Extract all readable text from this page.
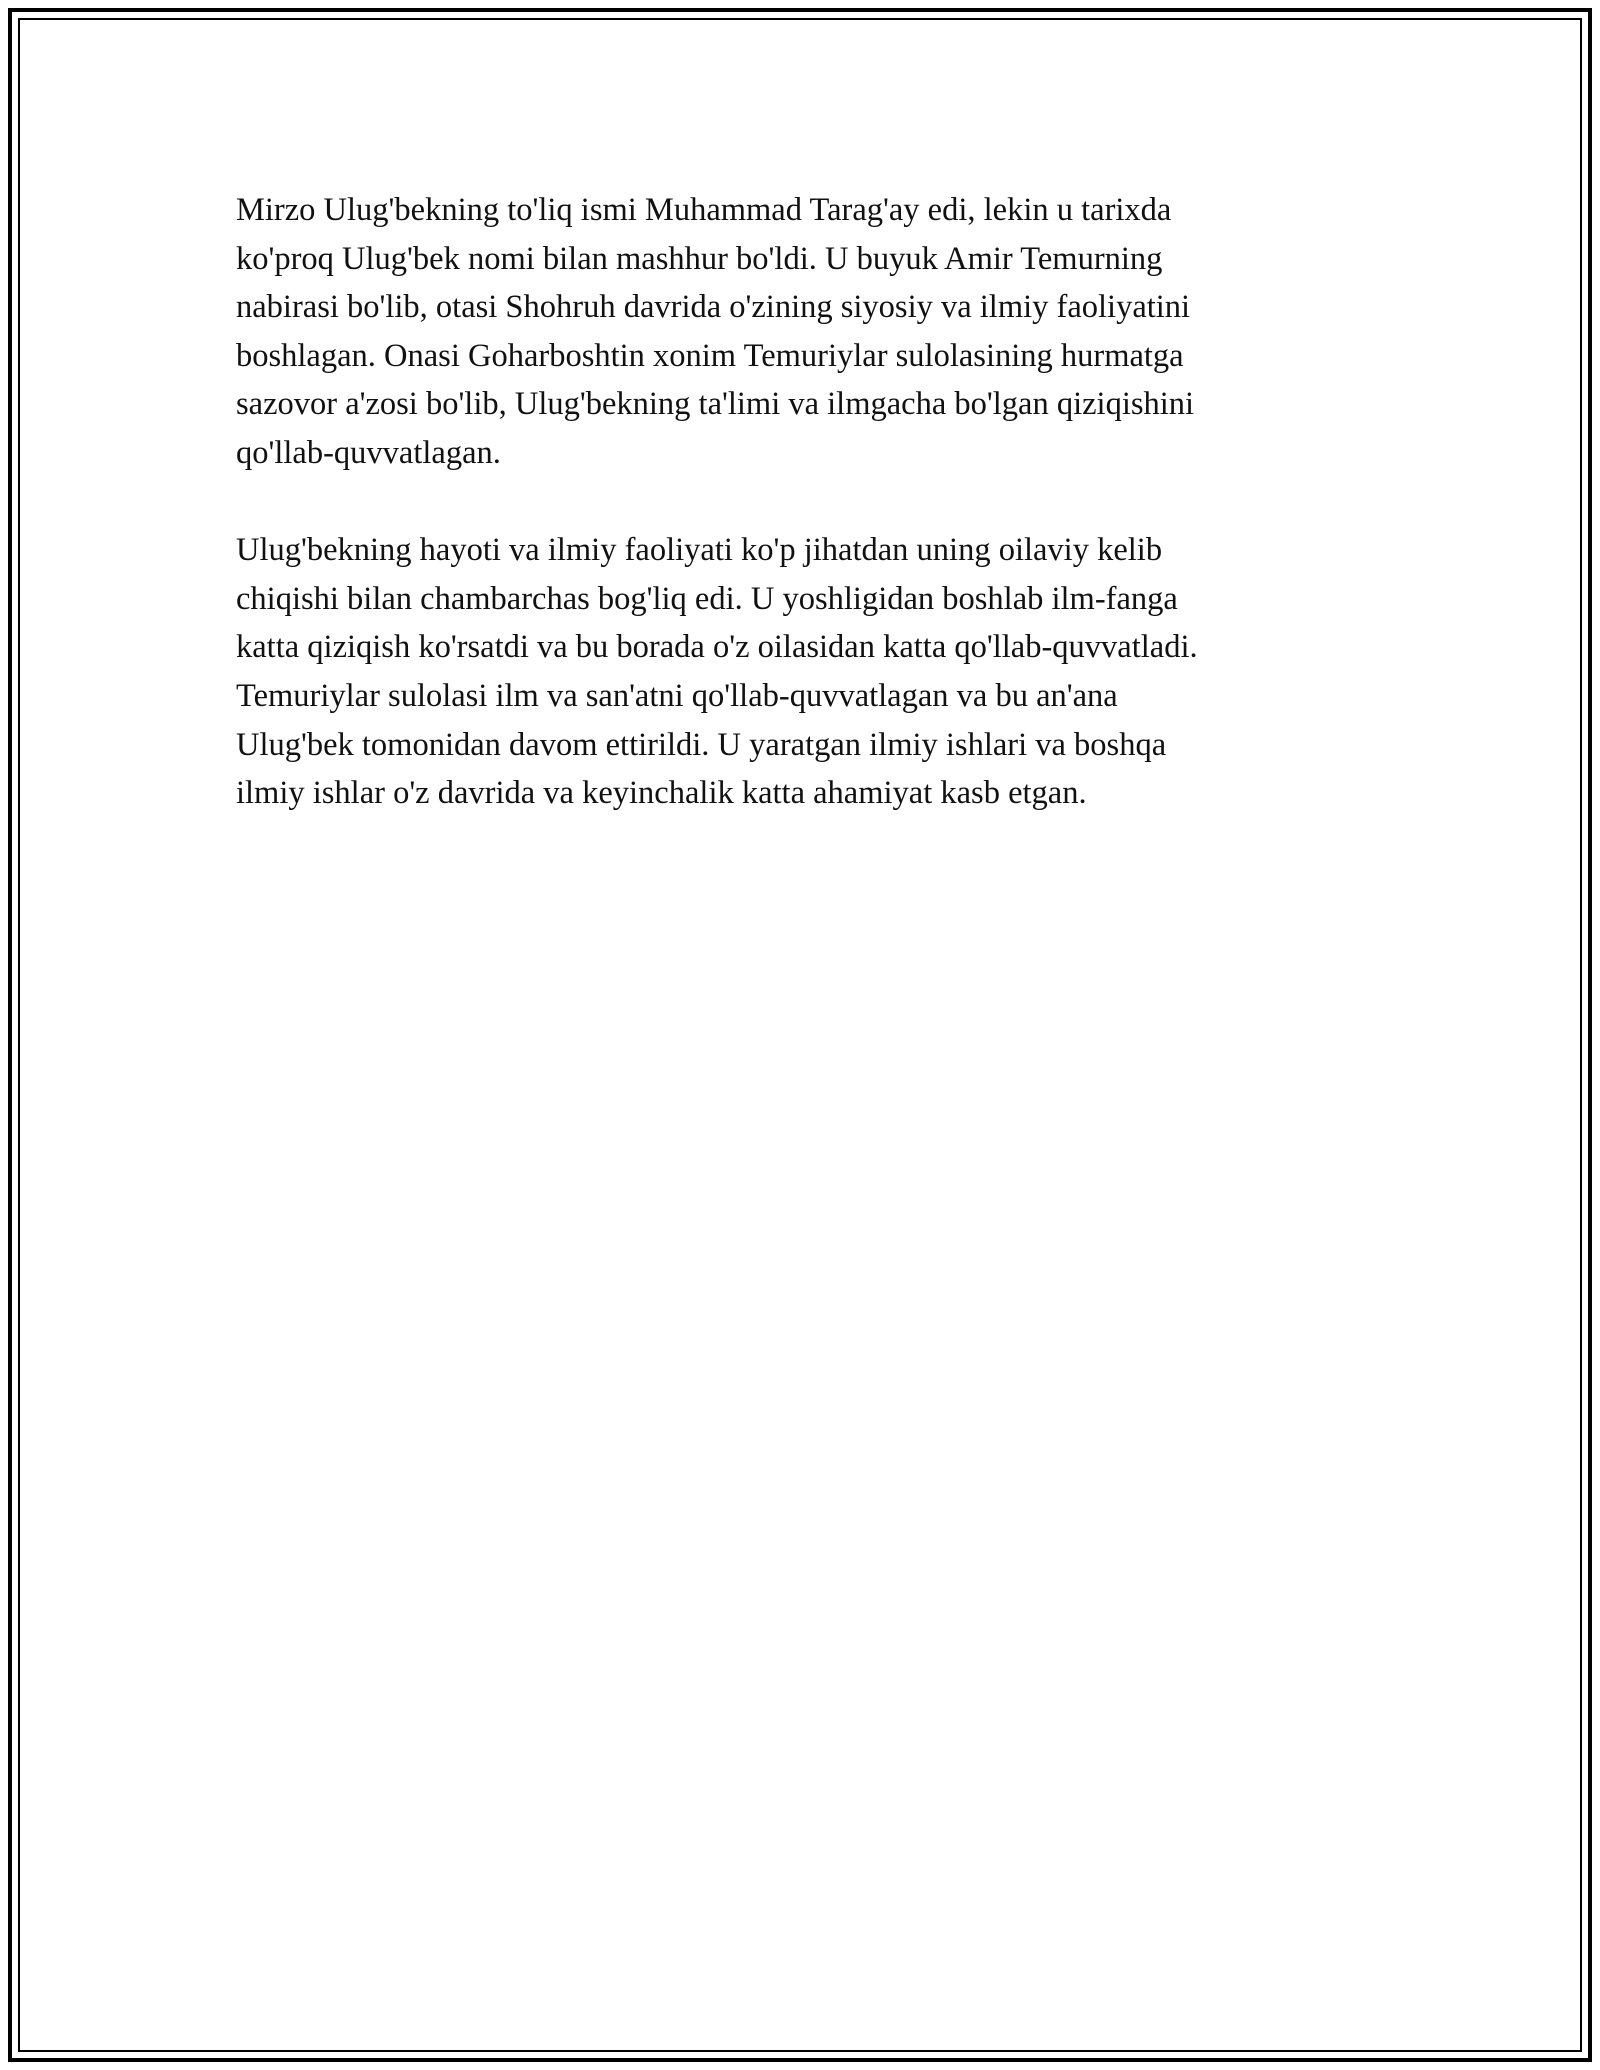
Mirzo Ulug'bekning to'liq ismi Muhammad Tarag'ay edi, lekin u tarixda
ko'proq Ulug'bek nomi bilan mashhur bo'ldi. U buyuk Amir Temurning
nabirasi bo'lib, otasi Shohruh davrida o'zining siyosiy va ilmiy faoliyatini
boshlagan. Onasi Goharboshtin xonim Temuriylar sulolasining hurmatga
sazovor a'zosi bo'lib, Ulug'bekning ta'limi va ilmgacha bo'lgan qiziqishini
qo'llab-quvvatlagan.

Ulug'bekning hayoti va ilmiy faoliyati ko'p jihatdan uning oilaviy kelib
chiqishi bilan chambarchas bog'liq edi. U yoshligidan boshlab ilm-fanga
katta qiziqish ko'rsatdi va bu borada o'z oilasidan katta qo'llab-quvvatladi.
Temuriylar sulolasi ilm va san'atni qo'llab-quvvatlagan va bu an'ana
Ulug'bek tomonidan davom ettirildi. U yaratgan ilmiy ishlari va boshqa
ilmiy ishlar o'z davrida va keyinchalik katta ahamiyat kasb etgan.
